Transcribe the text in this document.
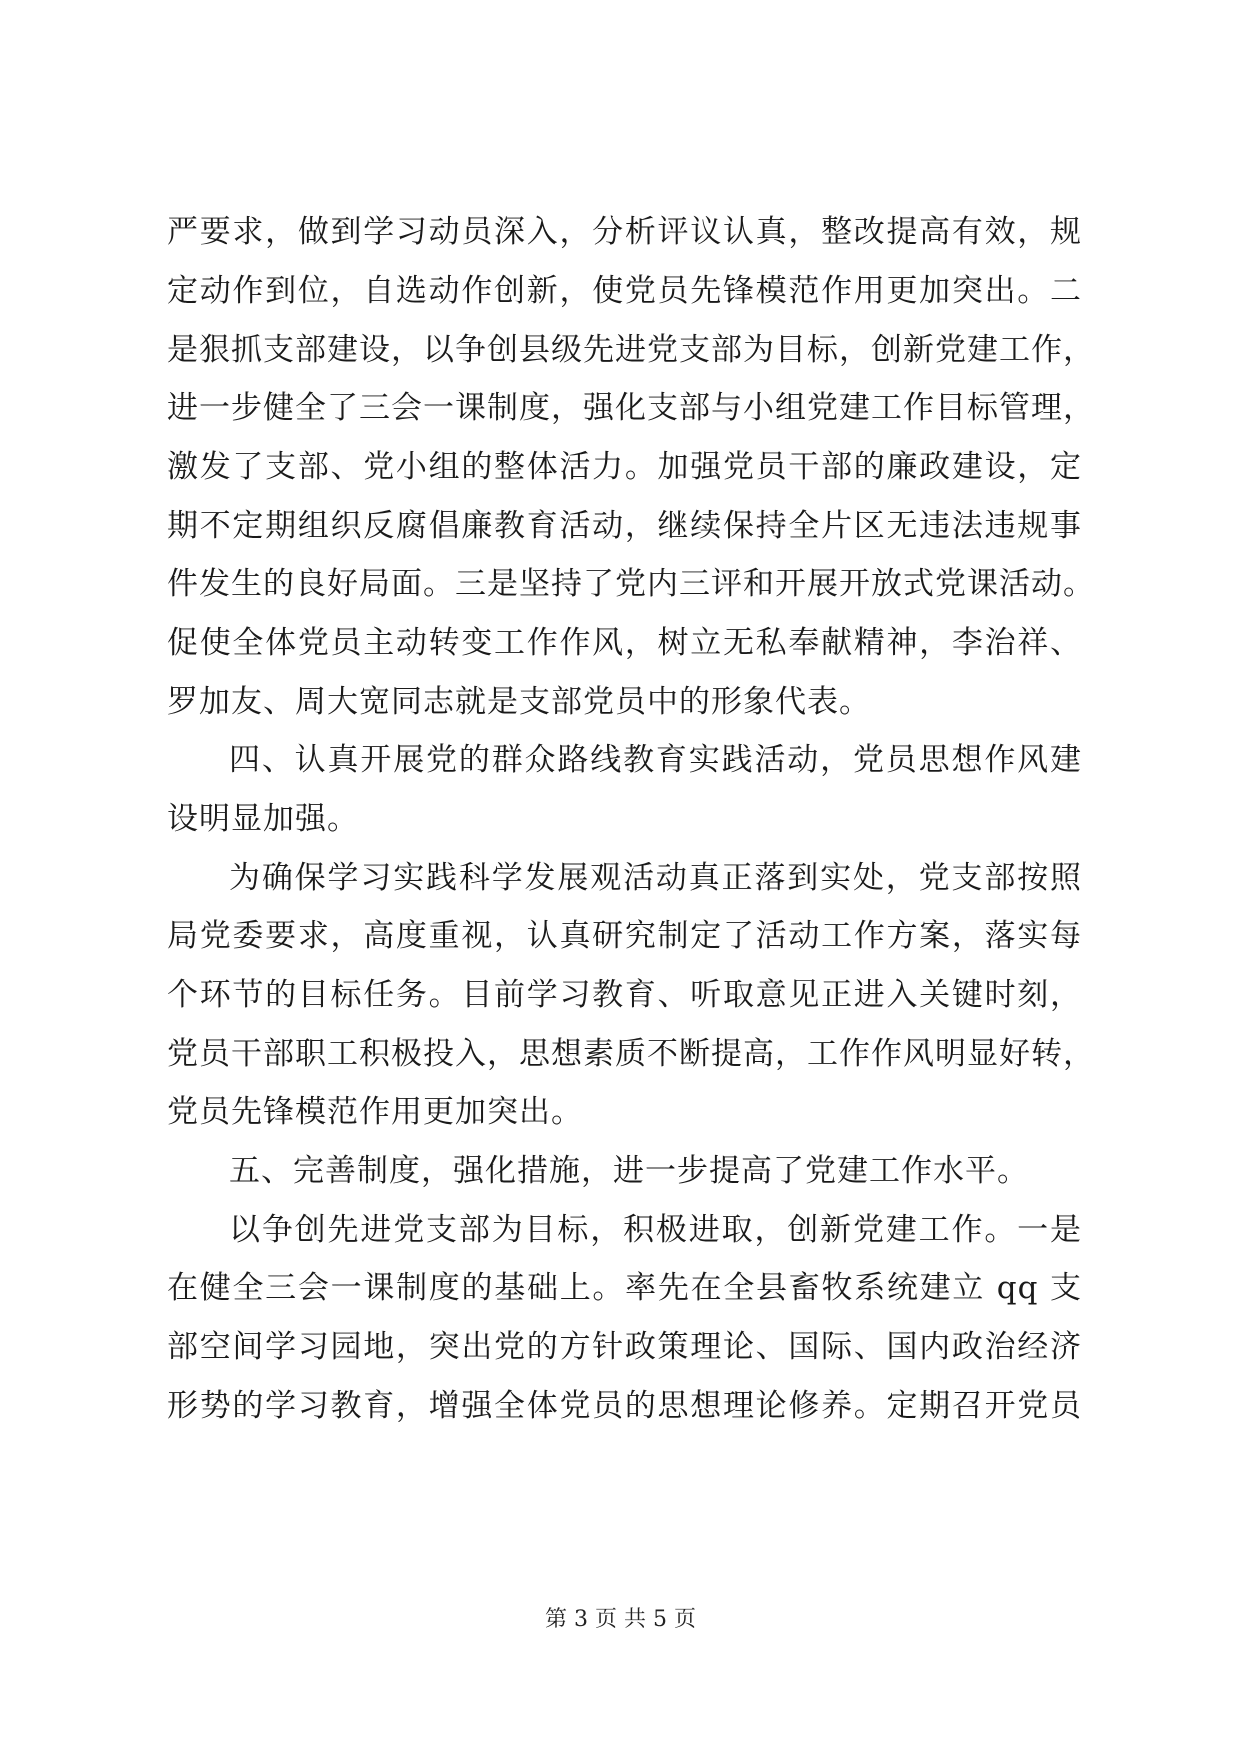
严要求，做到学习动员深入，分析评议认真，整改提高有效，规
定动作到位，自选动作创新，使党员先锋模范作用更加突出。二
是狠抓支部建设，以争创县级先进党支部为目标，创新党建工作，
进一步健全了三会一课制度，强化支部与小组党建工作目标管理，
激发了支部、党小组的整体活力。加强党员干部的廉政建设，定
期不定期组织反腐倡廉教育活动，继续保持全片区无违法违规事
件发生的良好局面。三是坚持了党内三评和开展开放式党课活动。
促使全体党员主动转变工作作风，树立无私奉献精神，李治祥、
罗加友、周大宽同志就是支部党员中的形象代表。
四、认真开展党的群众路线教育实践活动，党员思想作风建
设明显加强。
为确保学习实践科学发展观活动真正落到实处，党支部按照
局党委要求，高度重视，认真研究制定了活动工作方案，落实每
个环节的目标任务。目前学习教育、听取意见正进入关键时刻，
党员干部职工积极投入，思想素质不断提高，工作作风明显好转，
党员先锋模范作用更加突出。
五、完善制度，强化措施，进一步提高了党建工作水平。
以争创先进党支部为目标，积极进取，创新党建工作。一是
在健全三会一课制度的基础上。率先在全县畜牧系统建立 qq 支
部空间学习园地，突出党的方针政策理论、国际、国内政治经济
形势的学习教育，增强全体党员的思想理论修养。定期召开党员
第 3 页 共 5 页
